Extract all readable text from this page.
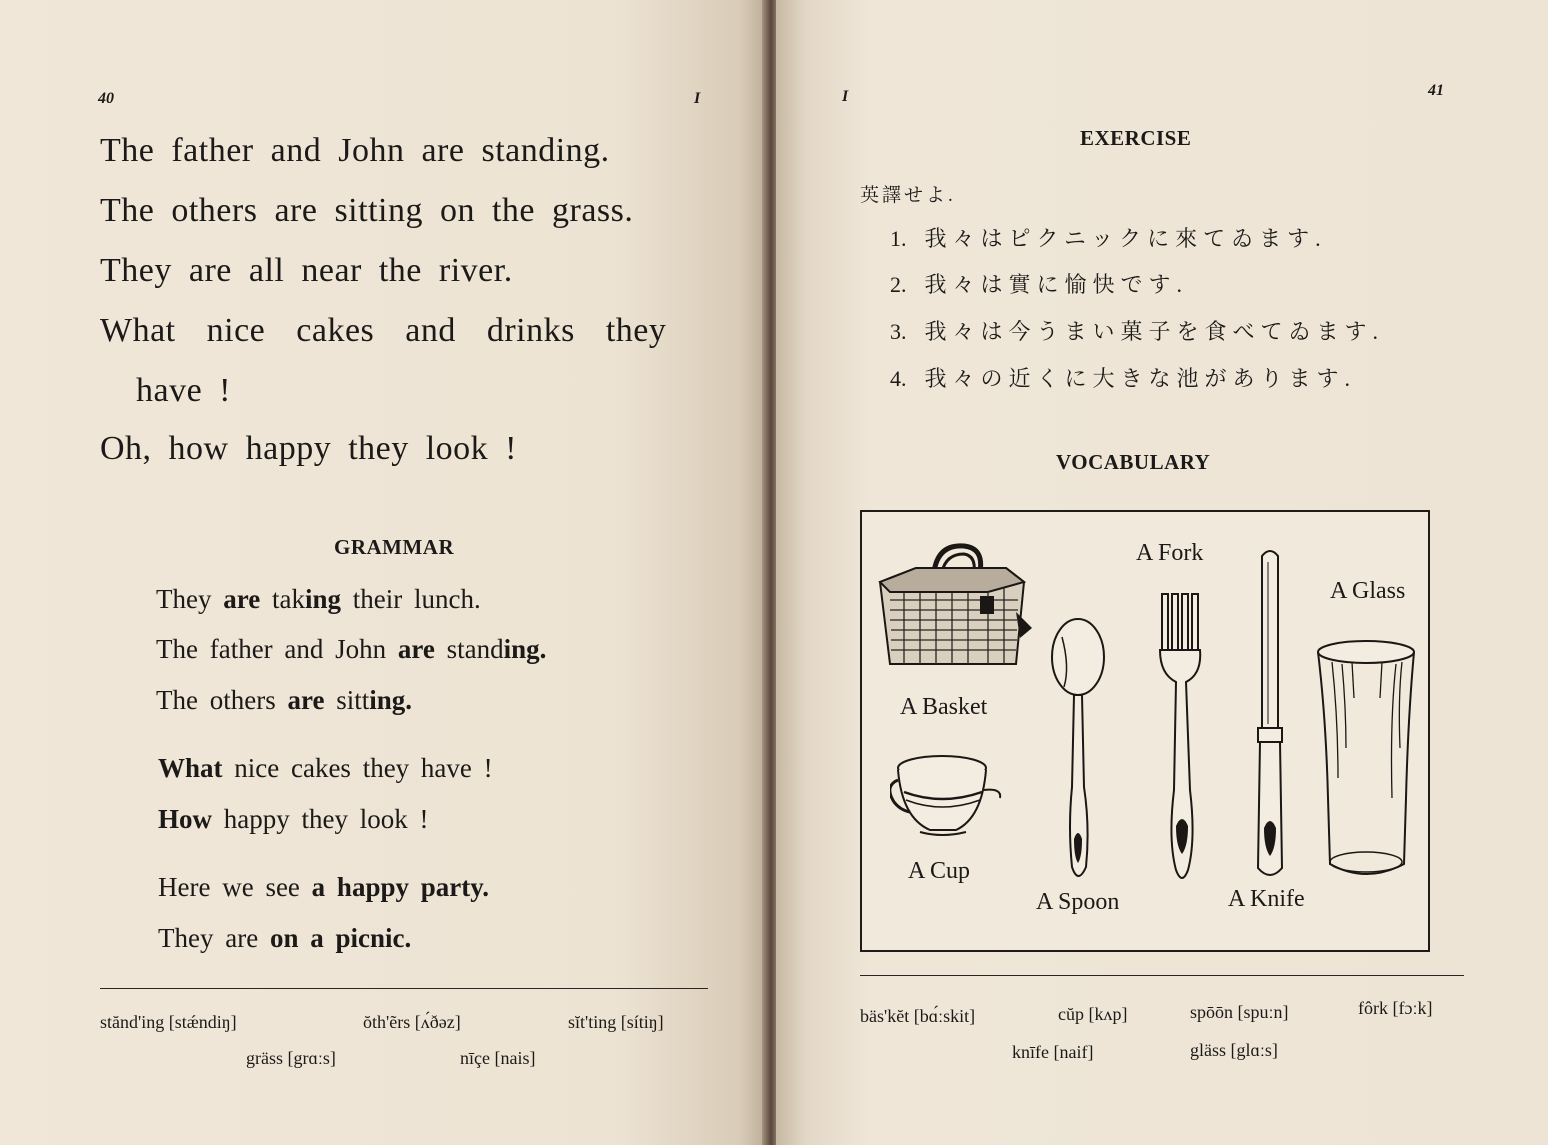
40	I
The father and John are standing.
The others are sitting on the grass.
They are all near the river.
What nice cakes and drinks they
have !
Oh, how happy they look !
GRAMMAR
They are taking their lunch.
The father and John are standing.
The others are sitting.
What nice cakes they have !
How happy they look !
Here we see a happy party.
They are on a picnic.
stănd'ing [stǽndiŋ]	ŏth'ẽrs [ʌ́ðəz]	sĭt'ting [sítiŋ]
gräss [grɑːs]	nīçe [nais]
I	41
EXERCISE
英譯せよ.
1. 我々はピクニックに來てゐます.
2. 我々は實に愉快です.
3. 我々は今うまい菓子を食べてゐます.
4. 我々の近くに大きな池があります.
VOCABULARY
A Basket
A Cup
A Spoon
A Fork
A Knife
A Glass
bäs'kĕt [bɑ́ːskit]	cŭp [kʌp]	spōōn [spuːn]	fôrk [fɔːk]
knīfe [naif]	gläss [glɑːs]
